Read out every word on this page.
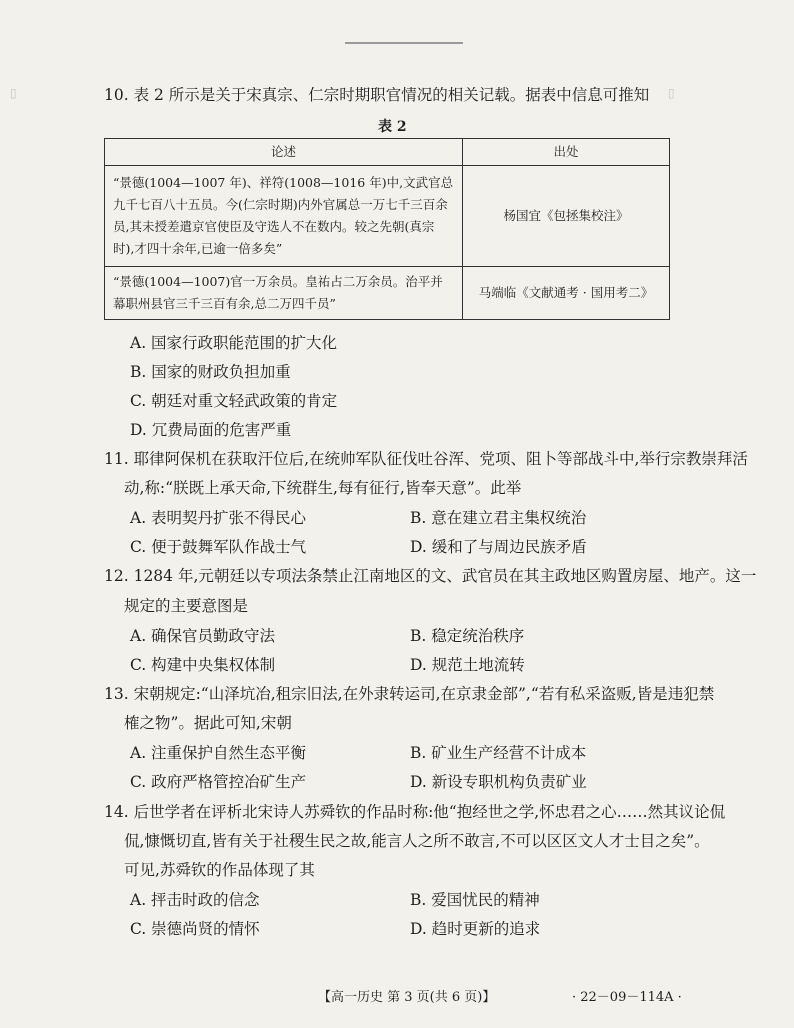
▯
▯	10. 表 2 所示是关于宋真宗、仁宗时期职官情况的相关记载。据表中信息可推知

表 2
论述	出处
“景德(1004—1007 年)、祥符(1008—1016 年)中,文武官总九千七百八十五员。今(仁宗时期)内外官属总一万七千三百余员,其未授差遣京官使臣及守选人不在数内。较之先朝(真宗时),才四十余年,已逾一倍多矣”	杨国宜《包拯集校注》
“景德(1004—1007)官一万余员。皇祐占二万余员。治平并幕职州县官三千三百有余,总二万四千员”	马端临《文献通考 · 国用考二》
A. 国家行政职能范围的扩大化
B. 国家的财政负担加重
C. 朝廷对重文轻武政策的肯定
D. 冗费局面的危害严重
11. 耶律阿保机在获取汗位后,在统帅军队征伐吐谷浑、党项、阻卜等部战斗中,举行宗教崇拜活
动,称:“朕既上承天命,下统群生,每有征行,皆奉天意”。此举
A. 表明契丹扩张不得民心	B. 意在建立君主集权统治
C. 便于鼓舞军队作战士气	D. 缓和了与周边民族矛盾
12. 1284 年,元朝廷以专项法条禁止江南地区的文、武官员在其主政地区购置房屋、地产。这一
规定的主要意图是
A. 确保官员勤政守法	B. 稳定统治秩序
C. 构建中央集权体制	D. 规范土地流转
13. 宋朝规定:“山泽坑冶,租宗旧法,在外隶转运司,在京隶金部”,“若有私采盗贩,皆是违犯禁
榷之物”。据此可知,宋朝
A. 注重保护自然生态平衡	B. 矿业生产经营不计成本
C. 政府严格管控冶矿生产	D. 新设专职机构负责矿业
14. 后世学者在评析北宋诗人苏舜钦的作品时称:他“抱经世之学,怀忠君之心……然其议论侃
侃,慷慨切直,皆有关于社稷生民之故,能言人之所不敢言,不可以区区文人才士目之矣”。
可见,苏舜钦的作品体现了其
A. 抨击时政的信念	B. 爱国忧民的精神
C. 崇德尚贤的情怀	D. 趋时更新的追求
【高一历史 第 3 页(共 6 页)】	· 22－09－114A ·
